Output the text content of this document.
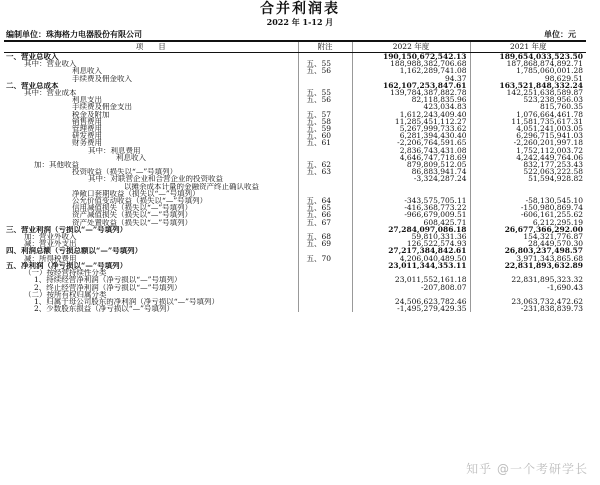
合并利润表
2022 年 1-12 月
编制单位：珠海格力电器股份有限公司	单位：元
项　　目	附注	2022 年度	2021 年度
一、营业总收入		190,150,672,542.13	189,654,033,523.50
其中：营业收入	五、55	188,988,382,706.68	187,868,874,892.71
利息收入	五、56	1,162,289,741.08	1,785,060,001.28
手续费及佣金收入		94.37	98,629.51
二、营业总成本		162,107,253,847.61	163,521,848,332.24
其中：营业成本	五、55	139,784,387,882.78	142,251,638,589.87
利息支出	五、56	82,118,835.96	523,238,956.03
手续费及佣金支出		423,034.83	815,760.35
税金及附加	五、57	1,612,243,409.40	1,076,664,461.78
销售费用	五、58	11,285,451,112.27	11,581,735,617.31
管理费用	五、59	5,267,999,733.62	4,051,241,003.05
研发费用	五、60	6,281,394,430.40	6,296,715,941.03
财务费用	五、61	-2,206,764,591.65	-2,260,201,997.18
其中：利息费用		2,836,743,431.08	1,752,112,003.72
利息收入		4,646,747,718.69	4,242,449,764.06
加：其他收益	五、62	879,809,512.05	832,177,253.43
投资收益（损失以“—”号填列）	五、63	86,883,941.74	522,063,222.58
其中：对联营企业和合营企业的投资收益		-3,324,287.24	51,594,928.82
以摊余成本计量的金融资产终止确认收益			
净敞口套期收益（损失以“—”号填列）			
公允价值变动收益（损失以“—”号填列）	五、64	-343,575,705.11	-58,130,545.10
信用减值损失（损失以“—”号填列）	五、65	-416,368,773.22	-150,980,869.74
资产减值损失（损失以“—”号填列）	五、66	-966,679,009.51	-606,161,255.62
资产处置收益（损失以“—”号填列）	五、67	608,425.71	6,212,295.19
三、营业利润（亏损以“—”号填列）		27,284,097,086.18	26,677,366,292.00
加：营业外收入	五、68	59,810,331.36	154,321,776.87
减：营业外支出	五、69	126,522,574.93	28,449,570.30
四、利润总额（亏损总额以“—”号填列）		27,217,384,842.61	26,803,237,498.57
减：所得税费用	五、70	4,206,040,489.50	3,971,343,865.68
五、净利润（净亏损以“—”号填列）		23,011,344,353.11	22,831,893,632.89
（一）按经营持续性分类			
1、持续经营净利润（净亏损以“—”号填列）		23,011,552,161.18	22,831,895,323.32
2、终止经营净利润（净亏损以“—”号填列）		-207,808.07	-1,690.43
（二）按所有权归属分类			
1、归属于母公司股东的净利润（净亏损以“—”号填列）		24,506,623,782.46	23,063,732,472.62
2、少数股东损益（净亏损以“—”号填列）		-1,495,279,429.35	-231,838,839.73
知乎 @一个考研学长
